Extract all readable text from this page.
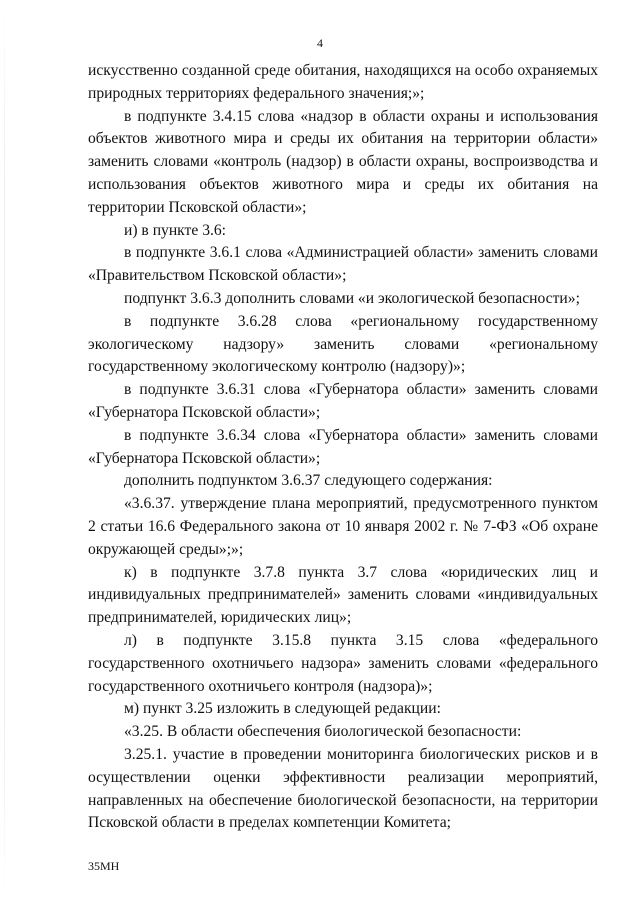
4

искусственно созданной среде обитания, находящихся на особо охраняемых природных территориях федерального значения;»;

в подпункте 3.4.15 слова «надзор в области охраны и использования объектов животного мира и среды их обитания на территории области» заменить словами «контроль (надзор) в области охраны, воспроизводства и использования объектов животного мира и среды их обитания на территории Псковской области»;

и) в пункте 3.6:

в подпункте 3.6.1 слова «Администрацией области» заменить словами «Правительством Псковской области»;

подпункт 3.6.3 дополнить словами «и экологической безопасности»;

в подпункте 3.6.28 слова «региональному государственному экологическому надзору» заменить словами «региональному государственному экологическому контролю (надзору)»;

в подпункте 3.6.31 слова «Губернатора области» заменить словами «Губернатора Псковской области»;

в подпункте 3.6.34 слова «Губернатора области» заменить словами «Губернатора Псковской области»;

дополнить подпунктом 3.6.37 следующего содержания:

«3.6.37. утверждение плана мероприятий, предусмотренного пунктом 2 статьи 16.6 Федерального закона от 10 января 2002 г. № 7-ФЗ «Об охране окружающей среды»;»;

к) в подпункте 3.7.8 пункта 3.7 слова «юридических лиц и индивидуальных предпринимателей» заменить словами «индивидуальных предпринимателей, юридических лиц»;

л) в подпункте 3.15.8 пункта 3.15 слова «федерального государственного охотничьего надзора» заменить словами «федерального государственного охотничьего контроля (надзора)»;

м) пункт 3.25 изложить в следующей редакции:

«3.25. В области обеспечения биологической безопасности:

3.25.1. участие в проведении мониторинга биологических рисков и в осуществлении оценки эффективности реализации мероприятий, направленных на обеспечение биологической безопасности, на территории Псковской области в пределах компетенции Комитета;

35МН
